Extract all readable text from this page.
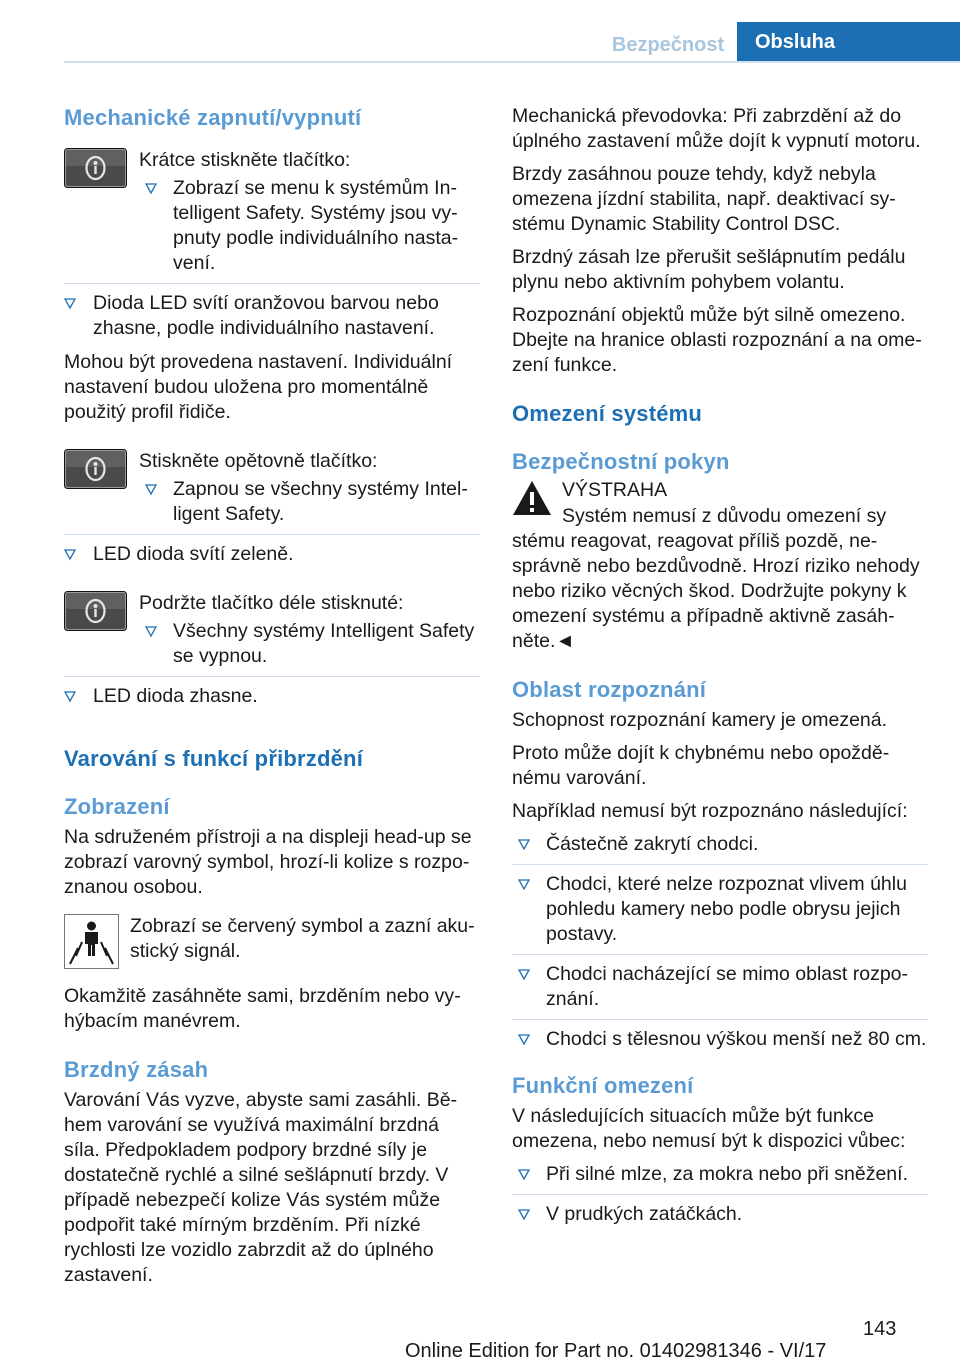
Bezpečnost	Obsluha
Mechanické zapnutí/vypnutí

Krátce stiskněte tlačítko:

Zobrazí se menu k systémům Intelligent Safety. Systémy jsou vypnuty podle individuálního nastavení.
Dioda LED svítí oranžovou barvou nebo zhasne, podle individuálního nastavení.

Mohou být provedena nastavení. Individuální nastavení budou uložena pro momentálně použitý profil řidiče.

Stiskněte opětovně tlačítko:

Zapnou se všechny systémy Intelligent Safety.
LED dioda svítí zeleně.

Podržte tlačítko déle stisknuté:

Všechny systémy Intelligent Safety se vypnou.
LED dioda zhasne.
Varování s funkcí přibrzdění
Zobrazení

Na sdruženém přístroji a na displeji head-up se zobrazí varovný symbol, hrozí-li kolize s rozpoznanou osobou.

Zobrazí se červený symbol a zazní akustický signál.

Okamžitě zasáhněte sami, brzděním nebo vyhýbacím manévrem.

Brzdný zásah

Varování Vás vyzve, abyste sami zasáhli. Během varování se využívá maximální brzdná síla. Předpokladem podpory brzdné síly je dostatečně rychlé a silné sešlápnutí brzdy. V případě nebezpečí kolize Vás systém může podpořit také mírným brzděním. Při nízké rychlosti lze vozidlo zabrzdit až do úplného zastavení.

Mechanická převodovka: Při zabrzdění až do úplného zastavení může dojít k vypnutí motoru.

Brzdy zasáhnou pouze tehdy, když nebyla omezena jízdní stabilita, např. deaktivací systému Dynamic Stability Control DSC.

Brzdný zásah lze přerušit sešlápnutím pedálu plynu nebo aktivním pohybem volantu.

Rozpoznání objektů může být silně omezeno. Dbejte na hranice oblasti rozpoznání a na omezení funkce.

Omezení systému
Bezpečnostní pokyn

VÝSTRAHA

Systém nemusí z důvodu omezení sy

stému reagovat, reagovat příliš pozdě, nesprávně nebo bezdůvodně. Hrozí riziko nehody nebo riziko věcných škod. Dodržujte pokyny k omezení systému a případně aktivně zasáhněte.◄

Oblast rozpoznání

Schopnost rozpoznání kamery je omezená.

Proto může dojít k chybnému nebo opožděnému varování.

Například nemusí být rozpoznáno následující:

Částečně zakrytí chodci.
Chodci, které nelze rozpoznat vlivem úhlu pohledu kamery nebo podle obrysu jejich postavy.
Chodci nacházející se mimo oblast rozpoznání.
Chodci s tělesnou výškou menší než 80 cm.
Funkční omezení

V následujících situacích může být funkce omezena, nebo nemusí být k dispozici vůbec:

Při silné mlze, za mokra nebo při sněžení.
V prudkých zatáčkách.
143
Online Edition for Part no. 01402981346 - VI/17
